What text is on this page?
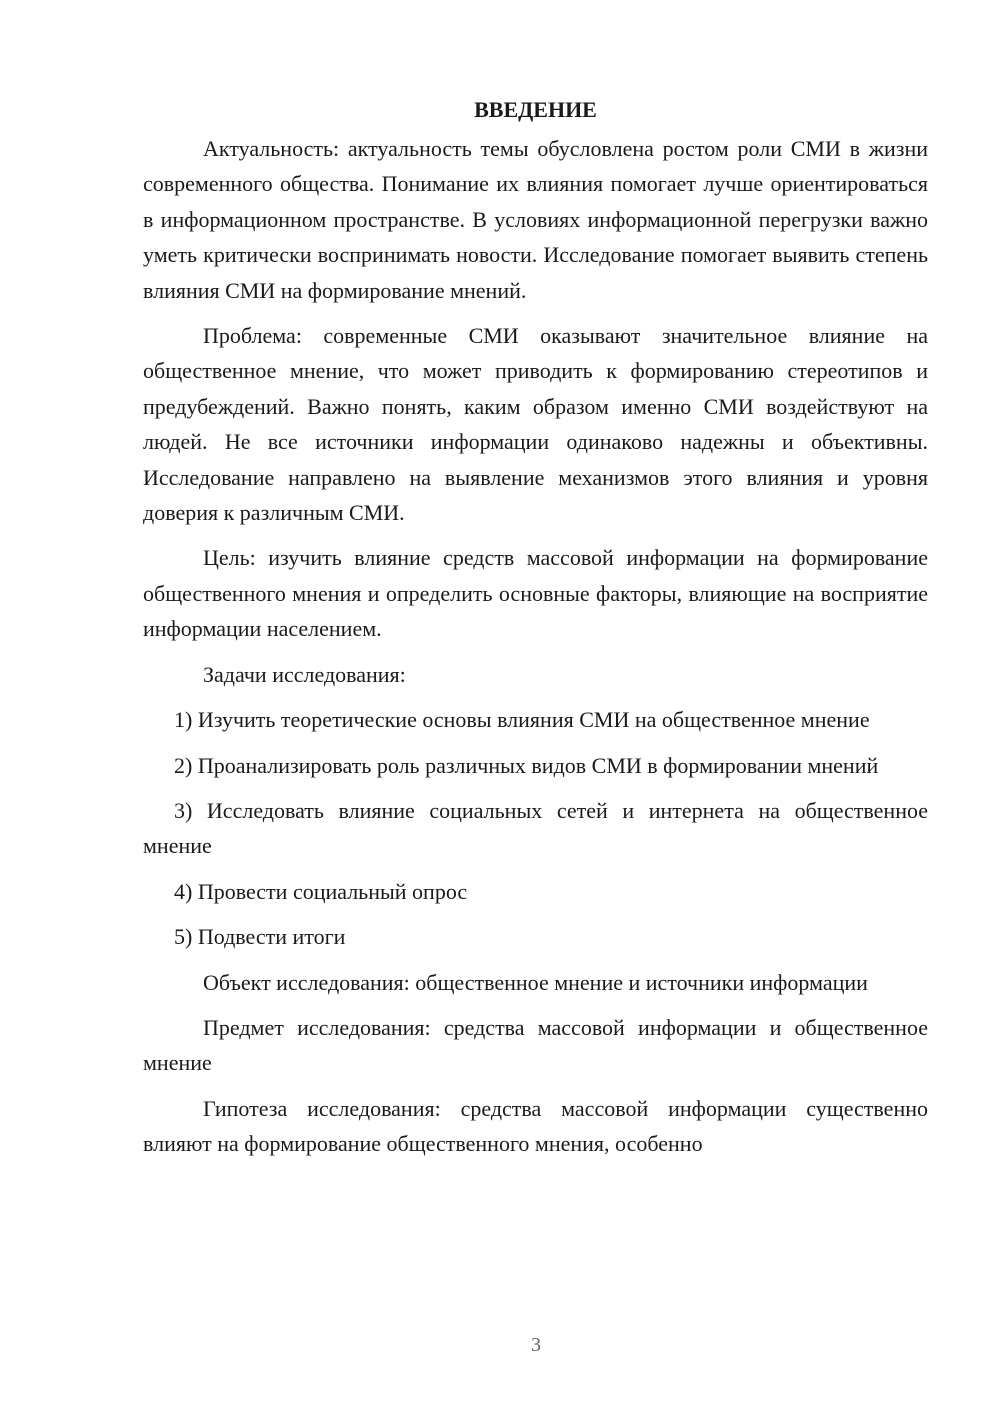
ВВЕДЕНИЕ

Актуальность: актуальность темы обусловлена ростом роли СМИ в жизни современного общества. Понимание их влияния помогает лучше ориентироваться в информационном пространстве. В условиях информационной перегрузки важно уметь критически воспринимать новости. Исследование помогает выявить степень влияния СМИ на формирование мнений.

Проблема: современные СМИ оказывают значительное влияние на общественное мнение, что может приводить к формированию стереотипов и предубеждений. Важно понять, каким образом именно СМИ воздействуют на людей. Не все источники информации одинаково надежны и объективны. Исследование направлено на выявление механизмов этого влияния и уровня доверия к различным СМИ.

Цель: изучить влияние средств массовой информации на формирование общественного мнения и определить основные факторы, влияющие на восприятие информации населением.

Задачи исследования:

1) Изучить теоретические основы влияния СМИ на общественное мнение

2) Проанализировать роль различных видов СМИ в формировании мнений

3) Исследовать влияние социальных сетей и интернета на общественное мнение

4) Провести социальный опрос

5) Подвести итоги

Объект исследования: общественное мнение и источники информации

Предмет исследования: средства массовой информации и общественное мнение

Гипотеза исследования: средства массовой информации существенно влияют на формирование общественного мнения, особенно

3
